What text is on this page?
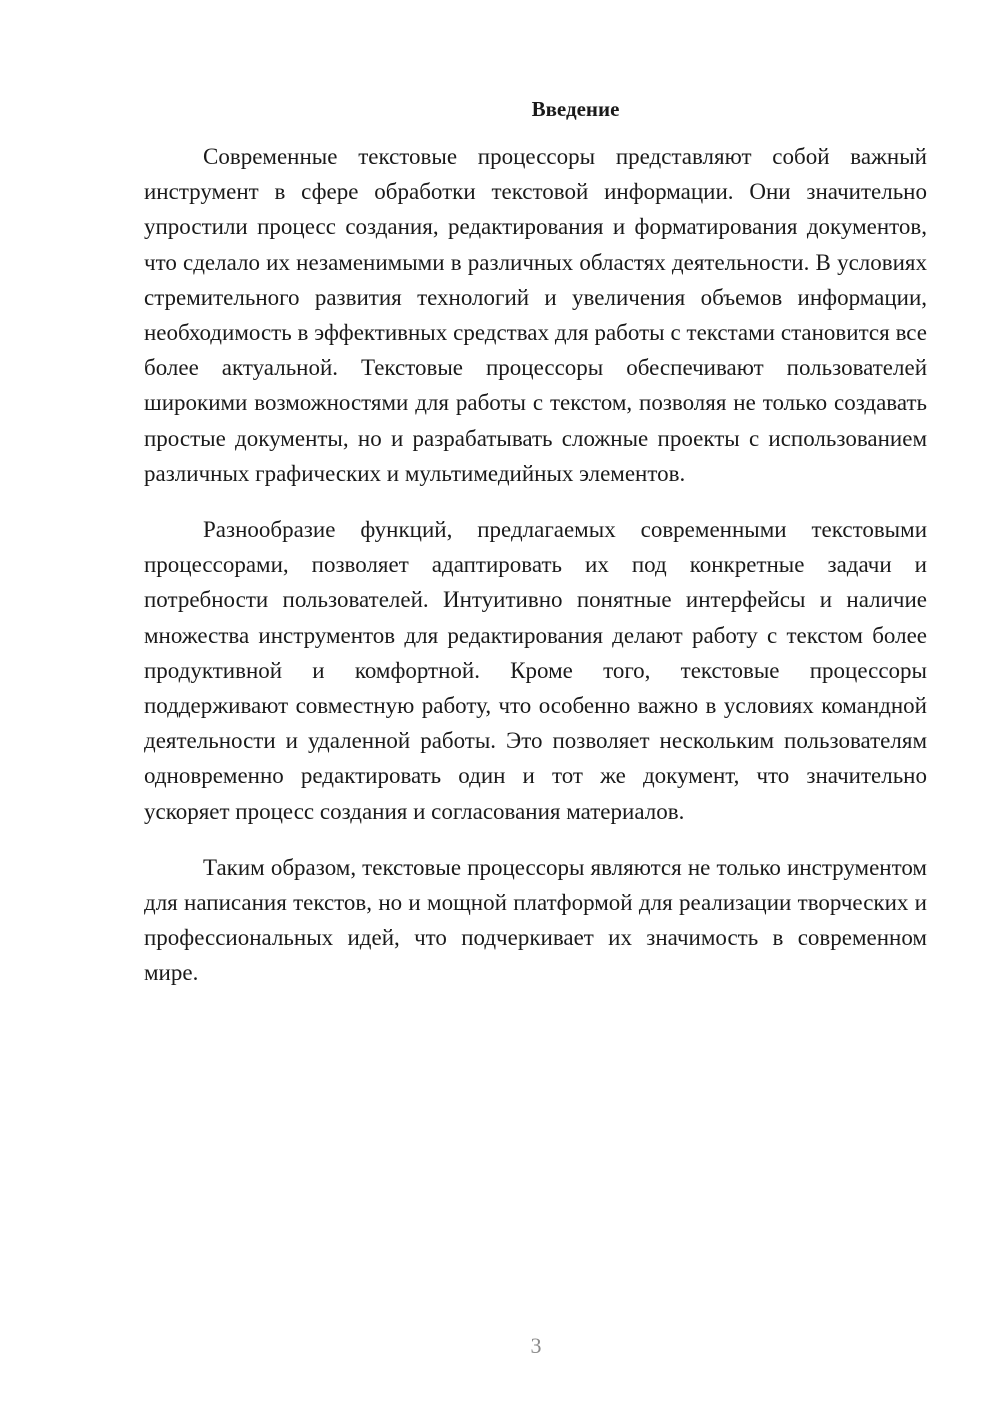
Введение

Современные текстовые процессоры представляют собой важный инструмент в сфере обработки текстовой информации. Они значительно упростили процесс создания, редактирования и форматирования документов, что сделало их незаменимыми в различных областях деятельности. В условиях стремительного развития технологий и увеличения объемов информации, необходимость в эффективных средствах для работы с текстами становится все более актуальной. Текстовые процессоры обеспечивают пользователей широкими возможностями для работы с текстом, позволяя не только создавать простые документы, но и разрабатывать сложные проекты с использованием различных графических и мультимедийных элементов.

Разнообразие функций, предлагаемых современными текстовыми процессорами, позволяет адаптировать их под конкретные задачи и потребности пользователей. Интуитивно понятные интерфейсы и наличие множества инструментов для редактирования делают работу с текстом более продуктивной и комфортной. Кроме того, текстовые процессоры поддерживают совместную работу, что особенно важно в условиях командной деятельности и удаленной работы. Это позволяет нескольким пользователям одновременно редактировать один и тот же документ, что значительно ускоряет процесс создания и согласования материалов.

Таким образом, текстовые процессоры являются не только инструментом для написания текстов, но и мощной платформой для реализации творческих и профессиональных идей, что подчеркивает их значимость в современном мире.

3
